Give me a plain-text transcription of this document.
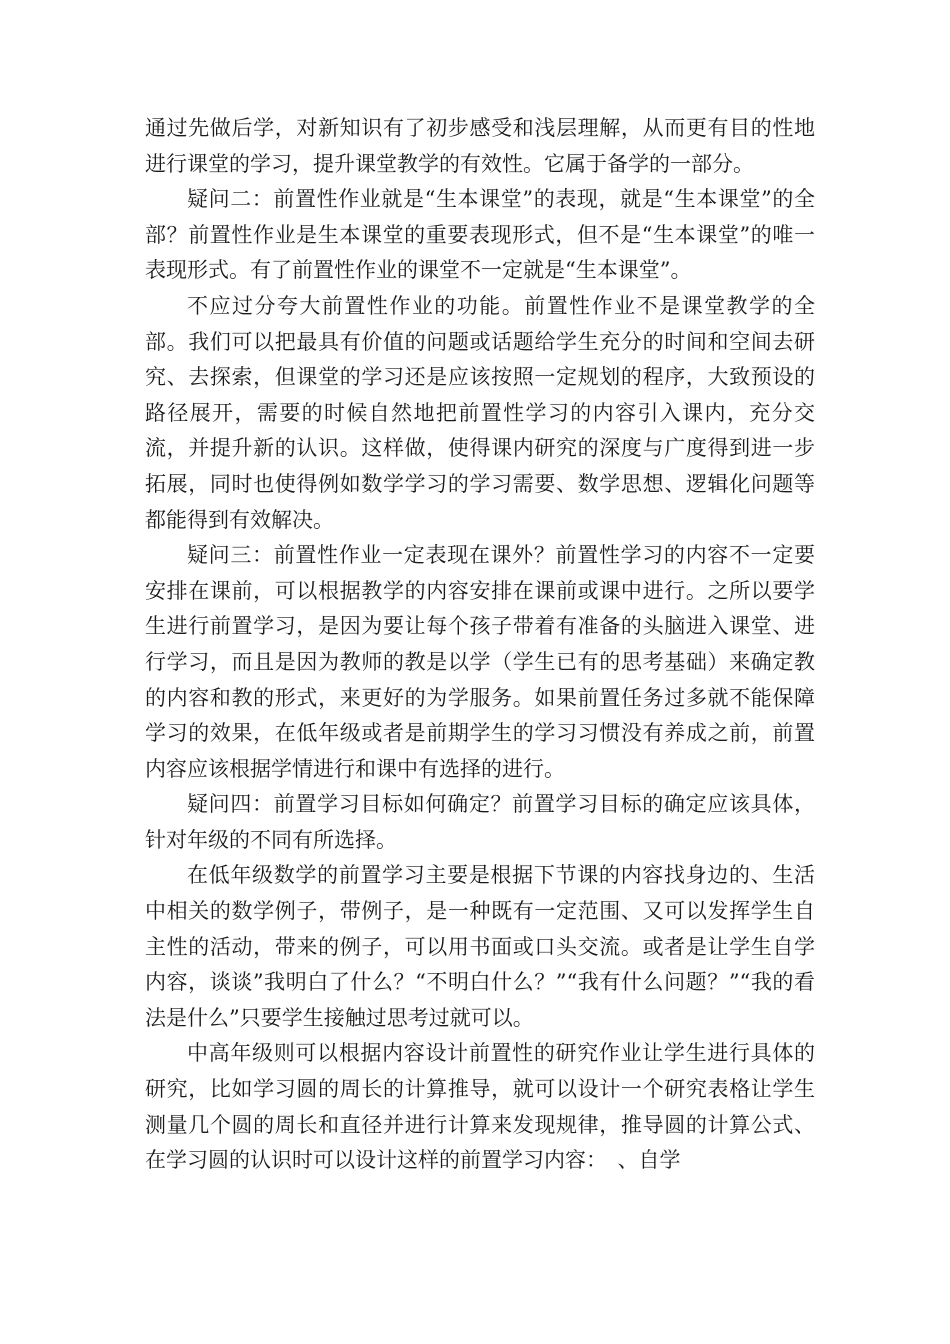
通过先做后学，对新知识有了初步感受和浅层理解，从而更有目的性地进行课堂的学习，提升课堂教学的有效性。它属于备学的一部分。

疑问二：前置性作业就是“生本课堂”的表现，就是“生本课堂”的全部？前置性作业是生本课堂的重要表现形式，但不是“生本课堂”的唯一表现形式。有了前置性作业的课堂不一定就是“生本课堂”。

不应过分夸大前置性作业的功能。前置性作业不是课堂教学的全部。我们可以把最具有价值的问题或话题给学生充分的时间和空间去研究、去探索，但课堂的学习还是应该按照一定规划的程序，大致预设的路径展开，需要的时候自然地把前置性学习的内容引入课内，充分交流，并提升新的认识。这样做，使得课内研究的深度与广度得到进一步拓展，同时也使得例如数学学习的学习需要、数学思想、逻辑化问题等都能得到有效解决。

疑问三：前置性作业一定表现在课外？前置性学习的内容不一定要安排在课前，可以根据教学的内容安排在课前或课中进行。之所以要学生进行前置学习，是因为要让每个孩子带着有准备的头脑进入课堂、进行学习，而且是因为教师的教是以学（学生已有的思考基础）来确定教的内容和教的形式，来更好的为学服务。如果前置任务过多就不能保障学习的效果，在低年级或者是前期学生的学习习惯没有养成之前，前置内容应该根据学情进行和课中有选择的进行。

疑问四：前置学习目标如何确定？前置学习目标的确定应该具体，针对年级的不同有所选择。

在低年级数学的前置学习主要是根据下节课的内容找身边的、生活中相关的数学例子，带例子，是一种既有一定范围、又可以发挥学生自主性的活动，带来的例子，可以用书面或口头交流。或者是让学生自学内容，谈谈”我明白了什么？“不明白什么？”“我有什么问题？”“我的看法是什么”只要学生接触过思考过就可以。

中高年级则可以根据内容设计前置性的研究作业让学生进行具体的研究，比如学习圆的周长的计算推导，就可以设计一个研究表格让学生测量几个圆的周长和直径并进行计算来发现规律，推导圆的计算公式、在学习圆的认识时可以设计这样的前置学习内容：　、自学
